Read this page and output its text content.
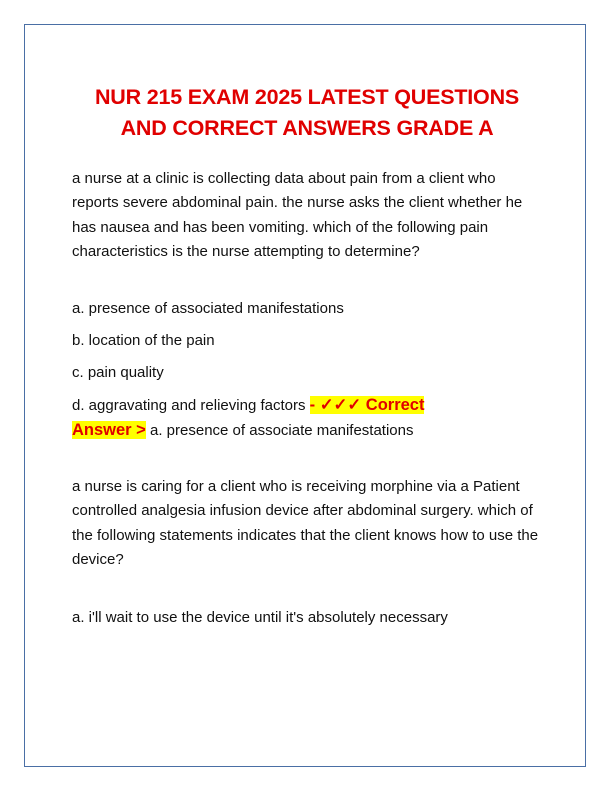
NUR 215 EXAM 2025 LATEST QUESTIONS
AND CORRECT ANSWERS GRADE A

a nurse at a clinic is collecting data about pain from a client who reports severe abdominal pain. the nurse asks the client whether he has nausea and has been vomiting. which of the following pain characteristics is the nurse attempting to determine?

a. presence of associated manifestations

b. location of the pain

c. pain quality

d. aggravating and relieving factors - ✓✓✓ Correct
Answer > a. presence of associate manifestations

a nurse is caring for a client who is receiving morphine via a Patient controlled analgesia infusion device after abdominal surgery. which of the following statements indicates that the client knows how to use the device?

a. i'll wait to use the device until it's absolutely necessary
